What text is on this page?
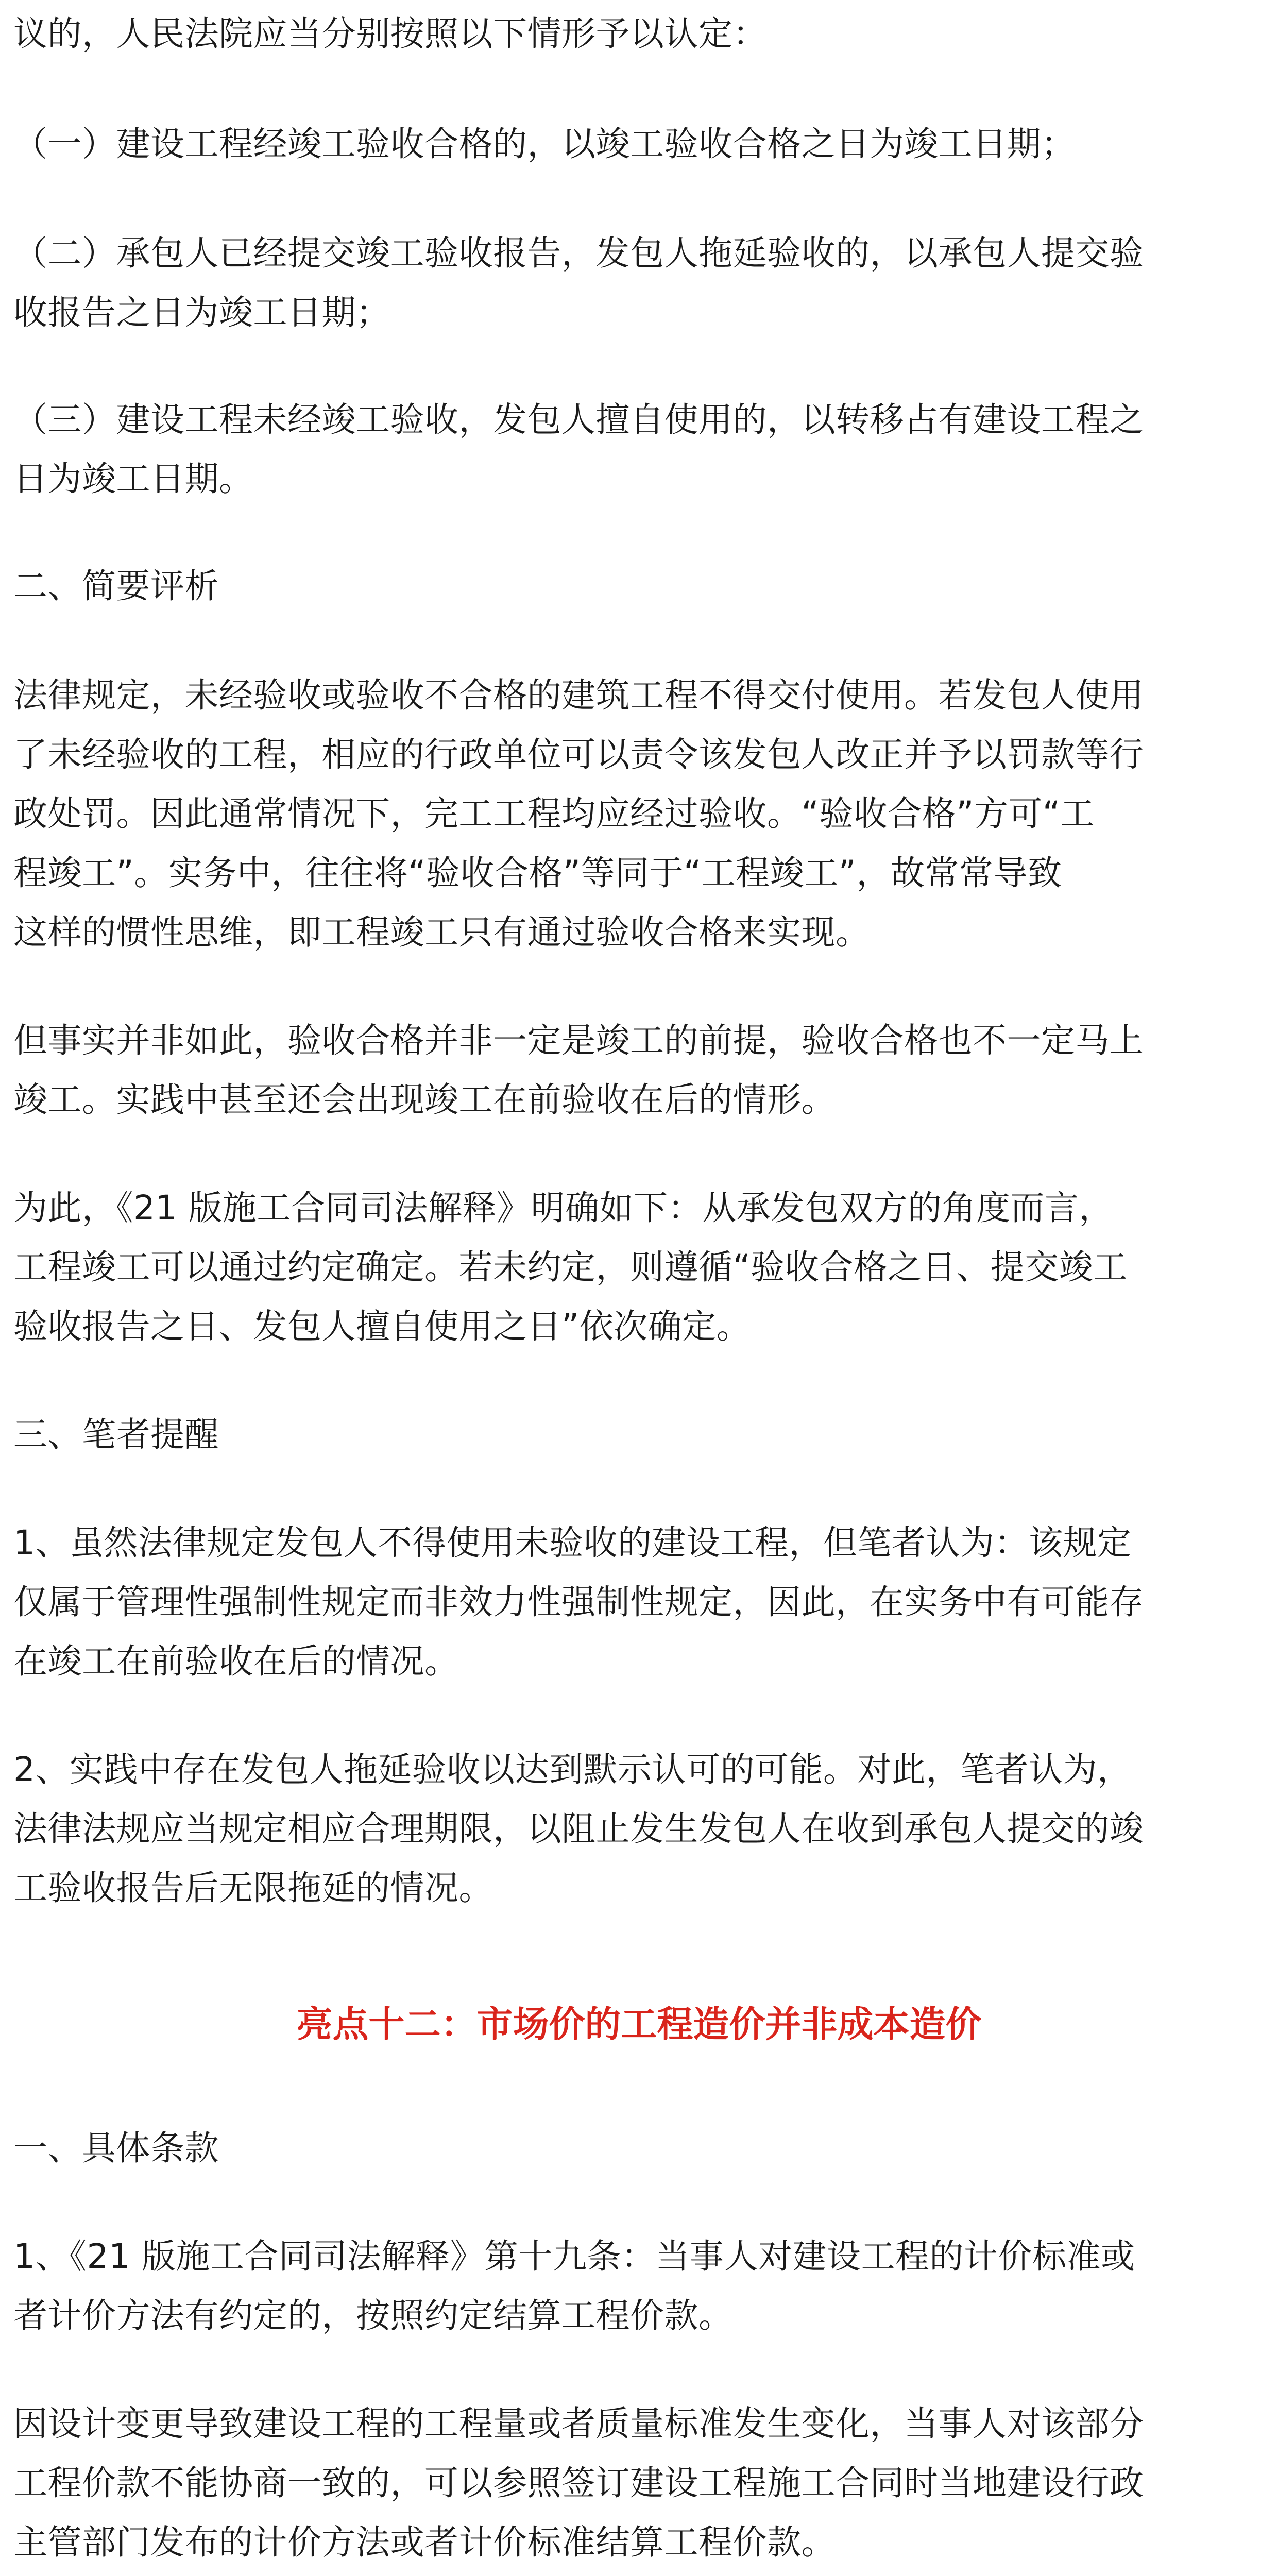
议的，人民法院应当分别按照以下情形予以认定：
（一）建设工程经竣工验收合格的，以竣工验收合格之日为竣工日期；
（二）承包人已经提交竣工验收报告，发包人拖延验收的，以承包人提交验
收报告之日为竣工日期；
（三）建设工程未经竣工验收，发包人擅自使用的，以转移占有建设工程之
日为竣工日期。
二、简要评析
法律规定，未经验收或验收不合格的建筑工程不得交付使用。若发包人使用
了未经验收的工程，相应的行政单位可以责令该发包人改正并予以罚款等行
政处罚。因此通常情况下，完工工程均应经过验收。“验收合格”方可“工
程竣工”。实务中，往往将“验收合格”等同于“工程竣工”，故常常导致
这样的惯性思维，即工程竣工只有通过验收合格来实现。
但事实并非如此，验收合格并非一定是竣工的前提，验收合格也不一定马上
竣工。实践中甚至还会出现竣工在前验收在后的情形。
为此，《21 版施工合同司法解释》明确如下：从承发包双方的角度而言，
工程竣工可以通过约定确定。若未约定，则遵循“验收合格之日、提交竣工
验收报告之日、发包人擅自使用之日”依次确定。
三、笔者提醒
1、虽然法律规定发包人不得使用未验收的建设工程，但笔者认为：该规定
仅属于管理性强制性规定而非效力性强制性规定，因此，在实务中有可能存
在竣工在前验收在后的情况。
2、实践中存在发包人拖延验收以达到默示认可的可能。对此，笔者认为，
法律法规应当规定相应合理期限，以阻止发生发包人在收到承包人提交的竣
工验收报告后无限拖延的情况。
亮点十二：市场价的工程造价并非成本造价
一、具体条款
1、《21 版施工合同司法解释》第十九条：当事人对建设工程的计价标准或
者计价方法有约定的，按照约定结算工程价款。
因设计变更导致建设工程的工程量或者质量标准发生变化，当事人对该部分
工程价款不能协商一致的，可以参照签订建设工程施工合同时当地建设行政
主管部门发布的计价方法或者计价标准结算工程价款。
